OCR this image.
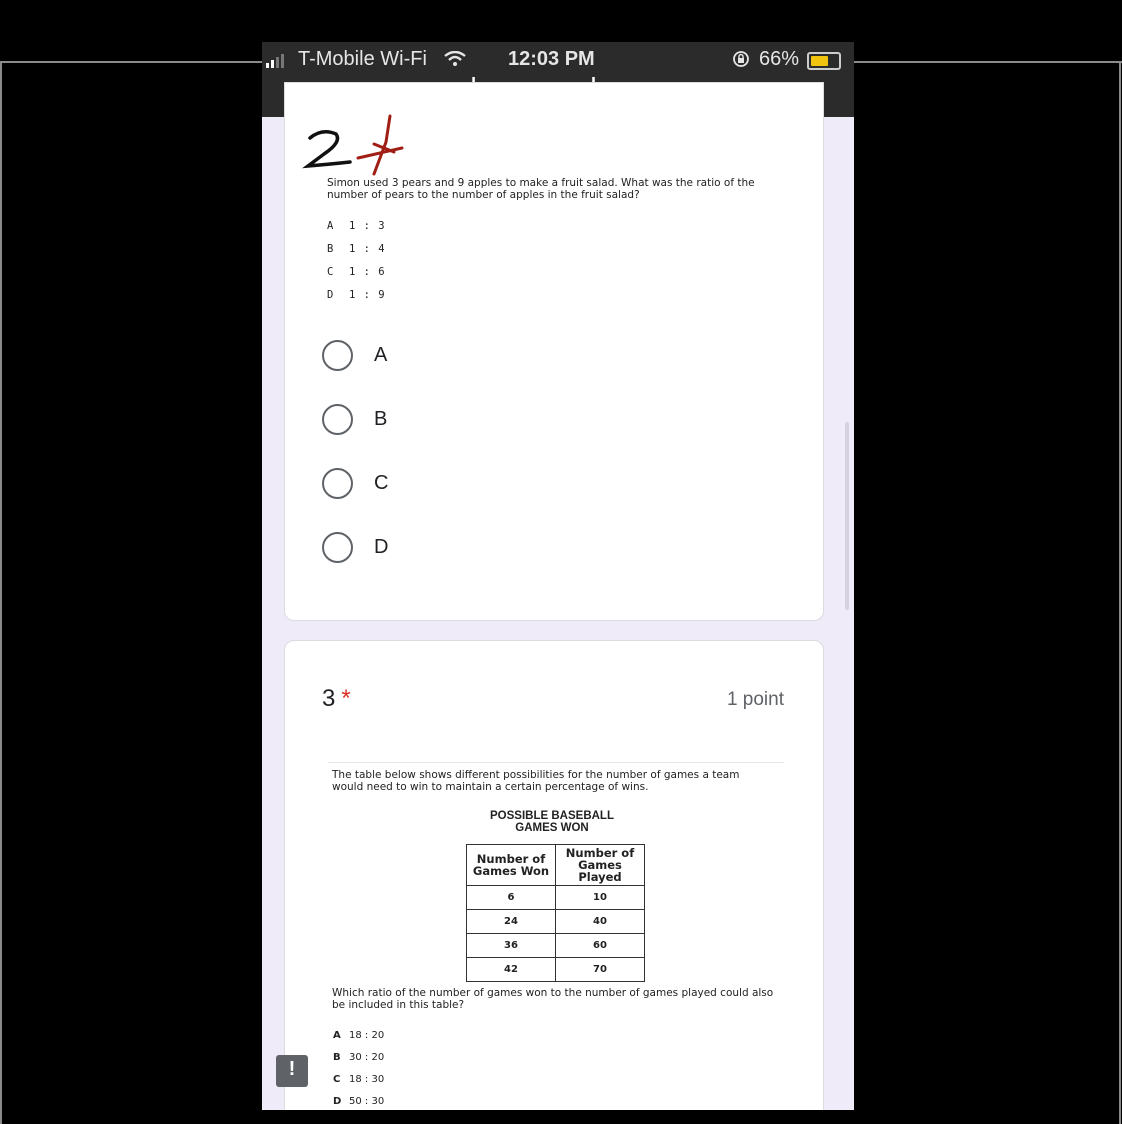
T-Mobile Wi-Fi	12:03 PM	66%
Simon used 3 pears and 9 apples to make a fruit salad. What was the ratio of the number of pears to the number of apples in the fruit salad?
A 1 : 3
B 1 : 4
C 1 : 6
D 1 : 9
A
B
C
D
3 *	1 point
The table below shows different possibilities for the number of games a team would need to win to maintain a certain percentage of wins.
POSSIBLE BASEBALL
GAMES WON
Number of Games Won	Number of Games Played
6	10
24	40
36	60
42	70
Which ratio of the number of games won to the number of games played could also be included in this table?
A 18 : 20
B 30 : 20
C 18 : 30
D 50 : 30
!
